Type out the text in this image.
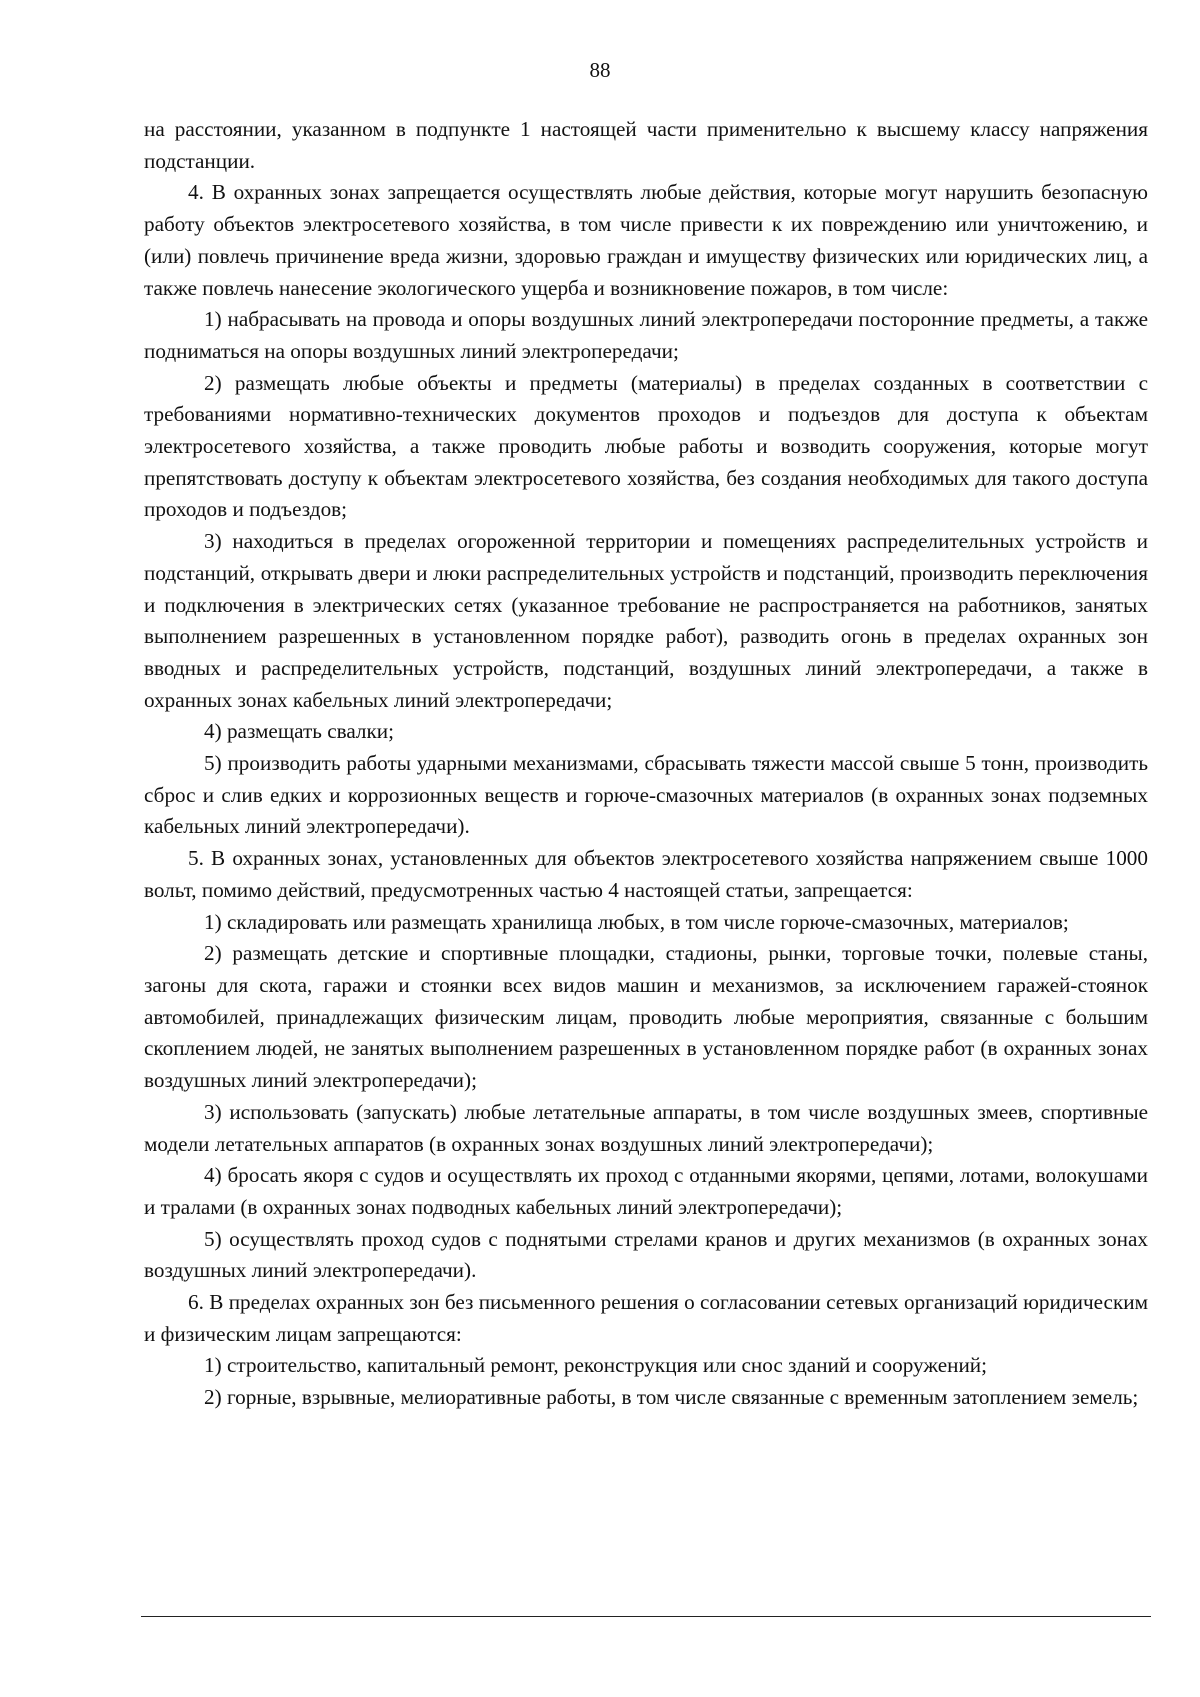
88

на расстоянии, указанном в подпункте 1 настоящей части применительно к высшему классу напряжения подстанции.

4. В охранных зонах запрещается осуществлять любые действия, которые могут нарушить безопасную работу объектов электросетевого хозяйства, в том числе привести к их повреждению или уничтожению, и (или) повлечь причинение вреда жизни, здоровью граждан и имуществу физических или юридических лиц, а также повлечь нанесение экологического ущерба и возникновение пожаров, в том числе:

1) набрасывать на провода и опоры воздушных линий электропередачи посторонние предметы, а также подниматься на опоры воздушных линий электропередачи;

2) размещать любые объекты и предметы (материалы) в пределах созданных в соответствии с требованиями нормативно-технических документов проходов и подъездов для доступа к объектам электросетевого хозяйства, а также проводить любые работы и возводить сооружения, которые могут препятствовать доступу к объектам электросетевого хозяйства, без создания необходимых для такого доступа проходов и подъездов;

3) находиться в пределах огороженной территории и помещениях распределительных устройств и подстанций, открывать двери и люки распределительных устройств и подстанций, производить переключения и подключения в электрических сетях (указанное требование не распространяется на работников, занятых выполнением разрешенных в установленном порядке работ), разводить огонь в пределах охранных зон вводных и распределительных устройств, подстанций, воздушных линий электропередачи, а также в охранных зонах кабельных линий электропередачи;

4) размещать свалки;

5) производить работы ударными механизмами, сбрасывать тяжести массой свыше 5 тонн, производить сброс и слив едких и коррозионных веществ и горюче-смазочных материалов (в охранных зонах подземных кабельных линий электропередачи).

5. В охранных зонах, установленных для объектов электросетевого хозяйства напряжением свыше 1000 вольт, помимо действий, предусмотренных частью 4 настоящей статьи, запрещается:

1) складировать или размещать хранилища любых, в том числе горюче-смазочных, материалов;

2) размещать детские и спортивные площадки, стадионы, рынки, торговые точки, полевые станы, загоны для скота, гаражи и стоянки всех видов машин и механизмов, за исключением гаражей-стоянок автомобилей, принадлежащих физическим лицам, проводить любые мероприятия, связанные с большим скоплением людей, не занятых выполнением разрешенных в установленном порядке работ (в охранных зонах воздушных линий электропередачи);

3) использовать (запускать) любые летательные аппараты, в том числе воздушных змеев, спортивные модели летательных аппаратов (в охранных зонах воздушных линий электропередачи);

4) бросать якоря с судов и осуществлять их проход с отданными якорями, цепями, лотами, волокушами и тралами (в охранных зонах подводных кабельных линий электропередачи);

5) осуществлять проход судов с поднятыми стрелами кранов и других механизмов (в охранных зонах воздушных линий электропередачи).

6. В пределах охранных зон без письменного решения о согласовании сетевых организаций юридическим и физическим лицам запрещаются:

1) строительство, капитальный ремонт, реконструкция или снос зданий и сооружений;

2) горные, взрывные, мелиоративные работы, в том числе связанные с временным затоплением земель;
